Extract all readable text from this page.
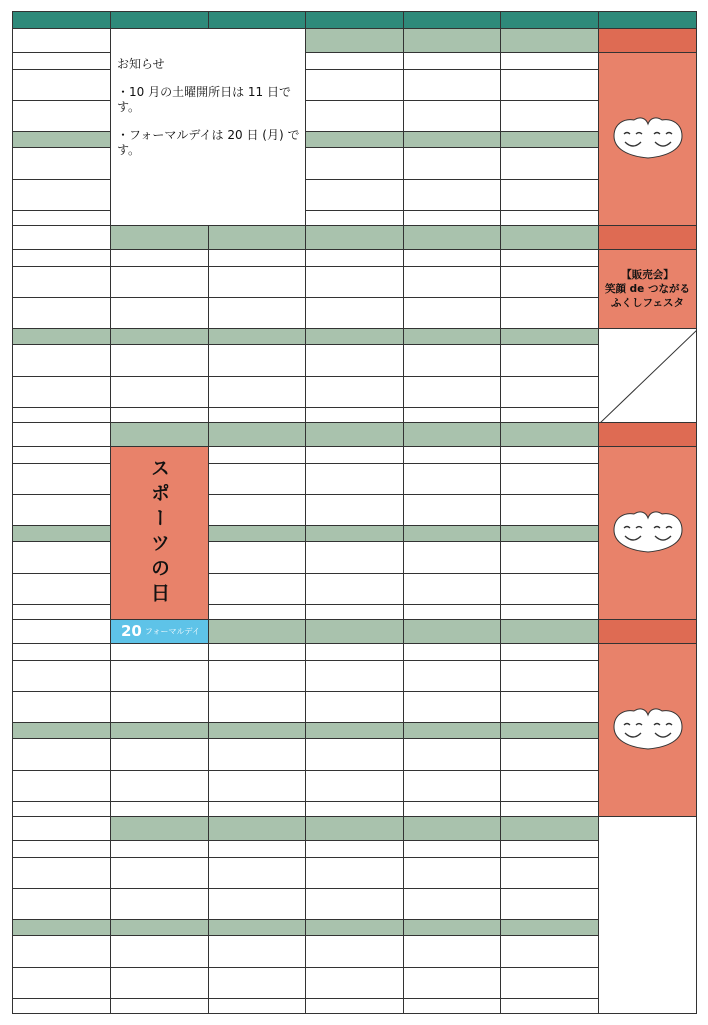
20 フォーマルデイ
お知らせ
・10 月の土曜開所日は 11 日です。
・フォーマルデイは 20 日 (月) です。
スポーツの日
【販売会】
笑顔 de つながる
ふくしフェスタ
